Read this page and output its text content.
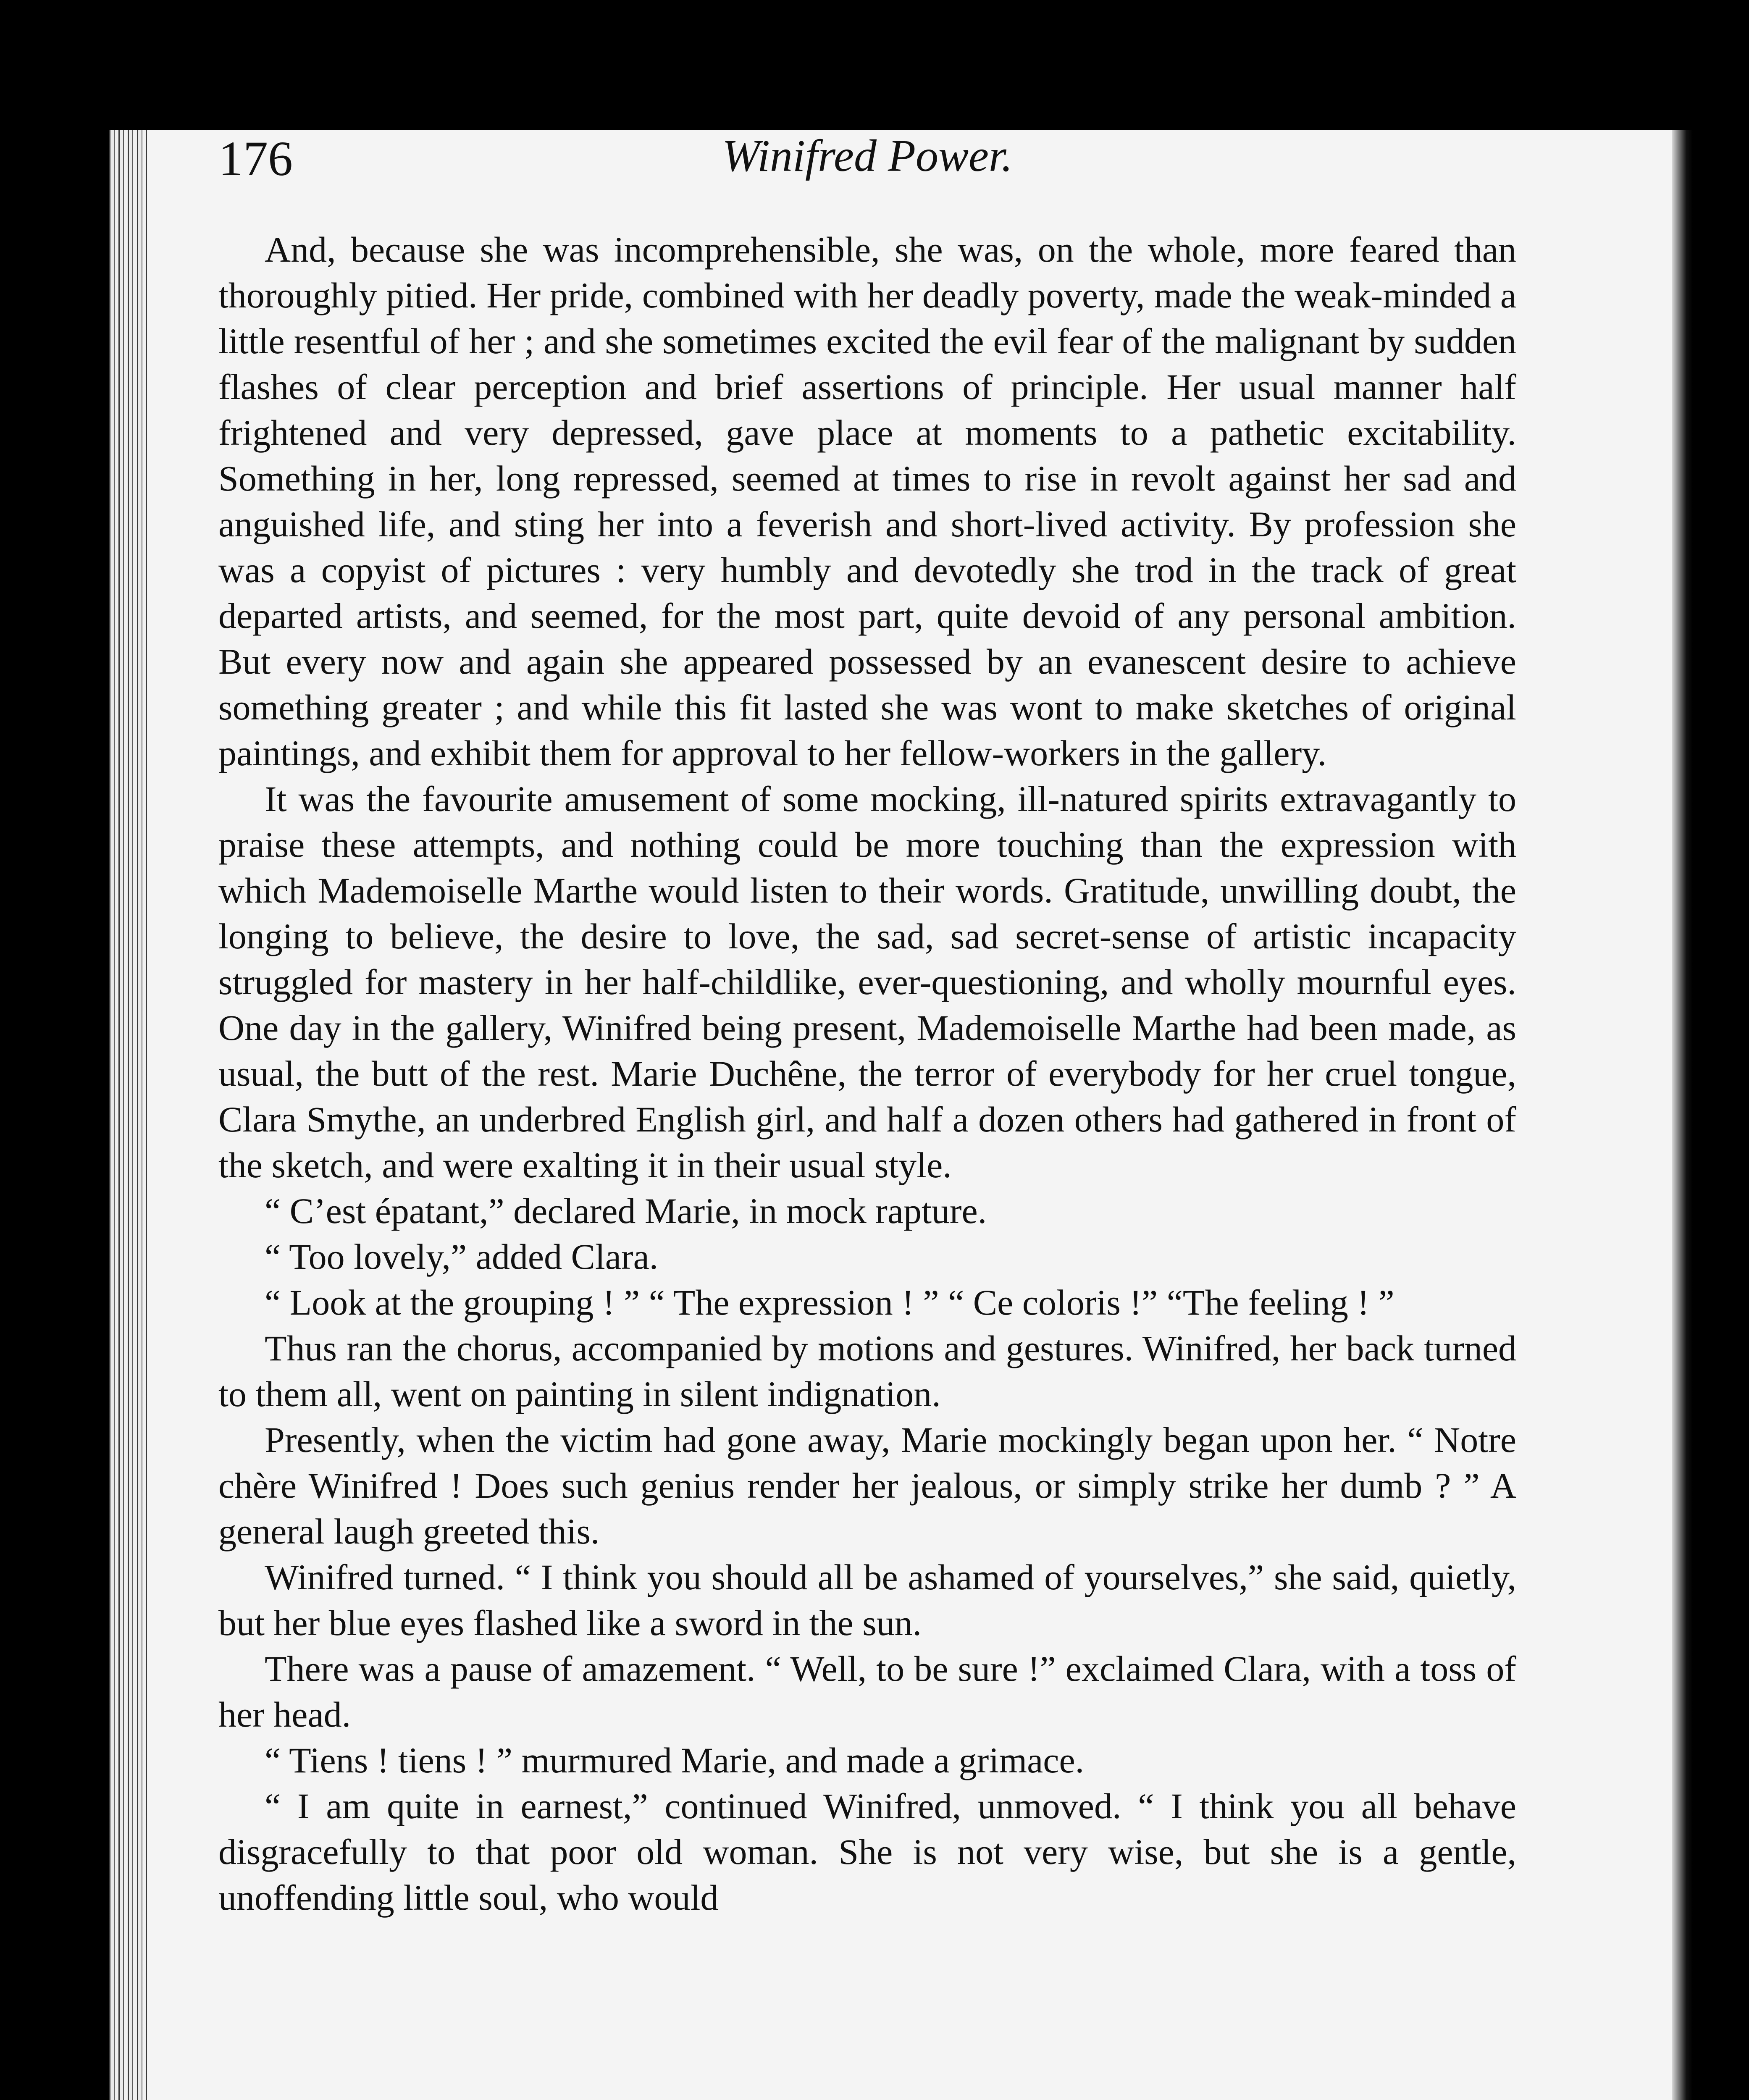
176	Winifred Power.

And, because she was incomprehensible, she was, on the whole, more feared than thoroughly pitied. Her pride, combined with her deadly poverty, made the weak-minded a little resentful of her ; and she sometimes excited the evil fear of the malignant by sudden flashes of clear perception and brief assertions of principle. Her usual manner half frightened and very depressed, gave place at moments to a pathetic excitability. Something in her, long repressed, seemed at times to rise in revolt against her sad and anguished life, and sting her into a feverish and short-lived activity. By profession she was a copyist of pictures : very humbly and devotedly she trod in the track of great departed artists, and seemed, for the most part, quite devoid of any personal ambition. But every now and again she appeared possessed by an evanescent desire to achieve something greater ; and while this fit lasted she was wont to make sketches of original paintings, and exhibit them for approval to her fellow-workers in the gallery.

It was the favourite amusement of some mocking, ill-natured spirits extravagantly to praise these attempts, and nothing could be more touching than the expression with which Mademoiselle Marthe would listen to their words. Gratitude, unwilling doubt, the longing to believe, the desire to love, the sad, sad secret-sense of artistic incapacity struggled for mastery in her half-childlike, ever-questioning, and wholly mournful eyes. One day in the gallery, Winifred being present, Mademoiselle Marthe had been made, as usual, the butt of the rest. Marie Duchêne, the terror of everybody for her cruel tongue, Clara Smythe, an underbred English girl, and half a dozen others had gathered in front of the sketch, and were exalting it in their usual style.

“ C’est épatant,” declared Marie, in mock rapture.

“ Too lovely,” added Clara.

“ Look at the grouping ! ” “ The expression ! ” “ Ce coloris !” “The feeling ! ”

Thus ran the chorus, accompanied by motions and gestures. Winifred, her back turned to them all, went on painting in silent indignation.

Presently, when the victim had gone away, Marie mockingly began upon her. “ Notre chère Winifred ! Does such genius render her jealous, or simply strike her dumb ? ” A general laugh greeted this.

Winifred turned. “ I think you should all be ashamed of yourselves,” she said, quietly, but her blue eyes flashed like a sword in the sun.

There was a pause of amazement. “ Well, to be sure !” exclaimed Clara, with a toss of her head.

“ Tiens ! tiens ! ” murmured Marie, and made a grimace.

“ I am quite in earnest,” continued Winifred, unmoved. “ I think you all behave disgracefully to that poor old woman. She is not very wise, but she is a gentle, unoffending little soul, who would
